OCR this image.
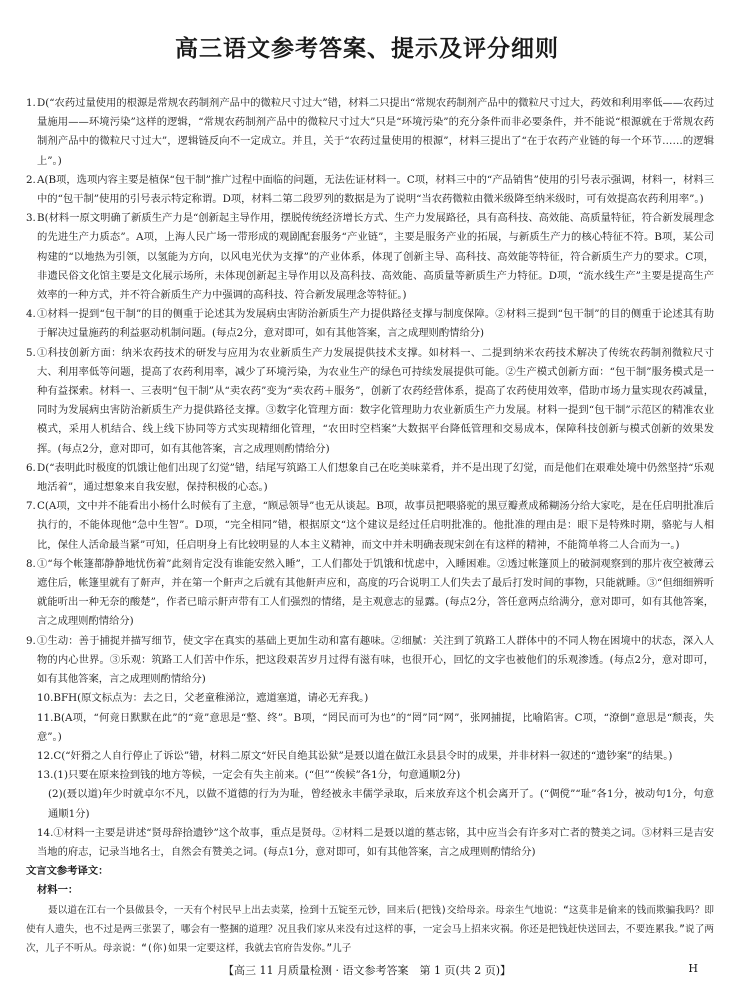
高三语文参考答案、提示及评分细则
1. D(“农药过量使用的根源是常规农药制剂产品中的微粒尺寸过大”错，材料二只提出“常规农药制剂产品中的微粒尺寸过大，药效和利用率低——农药过量施用——环境污染”这样的逻辑，“常规农药制剂产品中的微粒尺寸过大”只是“环境污染”的充分条件而非必要条件，并不能说“根源就在于常规农药制剂产品中的微粒尺寸过大”，逻辑链反向不一定成立。并且，关于“农药过量使用的根源”，材料三提出了“在于农药产业链的每一个环节……的逻辑上”。)
2. A(B项，选项内容主要是植保“包干制”推广过程中面临的问题，无法佐证材料一。C项，材料三中的“产品销售”使用的引号表示强调，材料一，材料三中的“包干制”使用的引号表示特定称谓。D项，材料二第二段罗列的数据是为了说明“当农药微粒由微米级降至纳米级时，可有效提高农药利用率”。)
3. B(材料一原文明确了新质生产力是“创新起主导作用，摆脱传统经济增长方式、生产力发展路径，具有高科技、高效能、高质量特征，符合新发展理念的先进生产力质态”。A项，上海人民广场一带形成的观剧配套服务“产业链”，主要是服务产业的拓展，与新质生产力的核心特征不符。B项，某公司构建的“以地热为引领，以氢能为方向，以风电光伏为支撑”的产业体系，体现了创新主导、高科技、高效能等特征，符合新质生产力的要求。C项，非遗民俗文化馆主要是文化展示场所，未体现创新起主导作用以及高科技、高效能、高质量等新质生产力特征。D项，“流水线生产”主要是提高生产效率的一种方式，并不符合新质生产力中强调的高科技、符合新发展理念等特征。)
4. ①材料一提到“包干制”的目的侧重于论述其为发展病虫害防治新质生产力提供路径支撑与制度保障。②材料三提到“包干制”的目的侧重于论述其有助于解决过量施药的利益驱动机制问题。(每点2分，意对即可，如有其他答案，言之成理则酌情给分)
5. ①科技创新方面：纳米农药技术的研发与应用为农业新质生产力发展提供技术支撑。如材料一、二提到纳米农药技术解决了传统农药制剂微粒尺寸大、利用率低等问题，提高了农药利用率，减少了环境污染，为农业生产的绿色可持续发展提供可能。②生产模式创新方面：“包干制”服务模式是一种有益探索。材料一、三表明“包干制”从“卖农药”变为“卖农药＋服务”，创新了农药经营体系，提高了农药使用效率，借助市场力量实现农药减量，同时为发展病虫害防治新质生产力提供路径支撑。③数字化管理方面：数字化管理助力农业新质生产力发展。材料一提到“包干制”示范区的精准农业模式，采用人机结合、线上线下协同等方式实现精细化管理，“农田时空档案”大数据平台降低管理和交易成本，保障科技创新与模式创新的效果发挥。(每点2分，意对即可，如有其他答案，言之成理则酌情给分)
6. D(“表明此时极度的饥饿让他们出现了幻觉”错，结尾写筑路工人们想象自己在吃美味菜肴，并不是出现了幻觉，而是他们在艰难处境中仍然坚持“乐观地活着”，通过想象来自我安慰，保持积极的心态。)
7. C(A项，文中并不能看出小杨什么时候有了主意，“顾忌领导”也无从谈起。B项，故事员把喂骆驼的黑豆瓣煮成稀糊汤分给大家吃，是在任启明批准后执行的，不能体现他“急中生智”。D项，“完全相同”错，根据原文“这个建议是经过任启明批准的。他批准的理由是：眼下是特殊时期，骆驼与人相比，保住人活命最当紧”可知，任启明身上有比较明显的人本主义精神，而文中并未明确表现宋剑在有这样的精神，不能简单将二人合而为一。)
8. ①“每个帐篷都静静地忧伤着”此刻肯定没有谁能安然入睡”，工人们都处于饥饿和忧虑中，入睡困难。②透过帐篷顶上的破洞观察到的那片夜空被薄云遮住后，帐篷里就有了鼾声，并在第一个鼾声之后就有其他鼾声应和，高度的巧合说明工人们失去了最后打发时间的事物，只能就睡。③“但细细辨听就能听出一种无奈的酸楚”，作者已暗示鼾声带有工人们强烈的情绪，是主观意志的显露。(每点2分，答任意两点给满分，意对即可，如有其他答案，言之成理则酌情给分)
9. ①生动：善于捕捉并描写细节，使文字在真实的基础上更加生动和富有趣味。②细腻：关注到了筑路工人群体中的不同人物在困境中的状态，深入人物的内心世界。③乐观：筑路工人们苦中作乐，把这段艰苦岁月过得有滋有味，也很开心，回忆的文字也被他们的乐观渗透。(每点2分，意对即可，如有其他答案，言之成理则酌情给分)
10.BFH(原文标点为：去之日，父老童稚涕泣，遮道塞道，请必无弃我。)
11.B(A项，“何竟日默默在此”的“竟”意思是“整、终”。B项，“罔民而可为也”的“罔”同“网”，张网捕捉，比喻陷害。C项，“潦倒”意思是“颓丧，失意”。)
12.C(“奸猾之人自行停止了诉讼”错，材料二原文“奸民自绝其讼狱”是聂以道在做江永县县令时的成果，并非材料一叙述的“遗钞案”的结果。)
13.(1)只要在原来捡到钱的地方等候，一定会有失主前来。(“但”“俟候”各1分，句意通顺2分)
(2)(聂以道)年少时就卓尔不凡，以做不道德的行为为耻，曾经被永丰儒学录取，后来放弃这个机会离开了。(“倜傥”“耻”各1分，被动句1分，句意通顺1分)
14.①材料一主要是讲述“贤母辞拾遗钞”这个故事，重点是贤母。②材料二是聂以道的墓志铭，其中应当会有许多对亡者的赞美之词。③材料三是吉安当地的府志，记录当地名士，自然会有赞美之词。(每点1分，意对即可，如有其他答案，言之成理则酌情给分)
文言文参考译文：
材料一：
聂以道在江右一个县做县令，一天有个村民早上出去卖菜，捡到十五锭至元钞，回来后(把钱)交给母亲。母亲生气地说：“这莫非是偷来的钱而欺骗我吗？即使有人遗失，也不过是两三张罢了，哪会有一整捆的道理？况且我们家从来没有过这样的事，一定会马上招来灾祸。你还是把钱赶快送回去，不要连累我。”说了两次，儿子不听从。母亲说：“(你)如果一定要这样，我就去官府告发你。”儿子
【高三 11 月质量检测 · 语文参考答案　第 1 页(共 2 页)】	H
